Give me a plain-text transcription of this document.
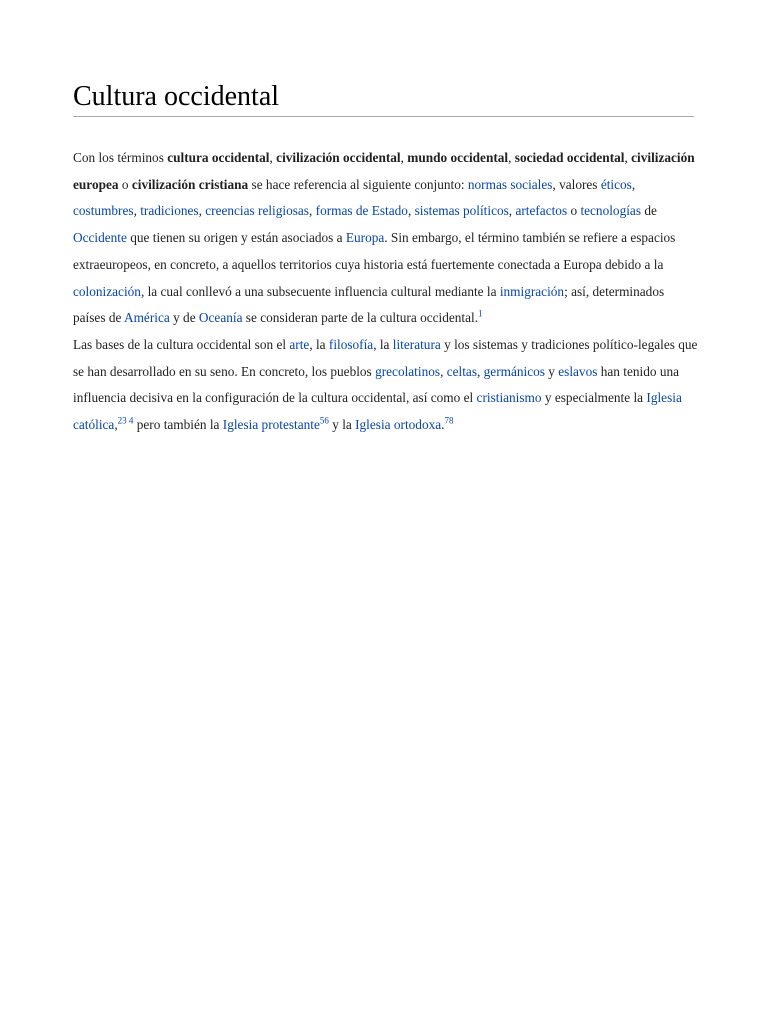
Cultura occidental

Con los términos cultura occidental, civilización occidental, mundo occidental, sociedad occidental, civilización europea o civilización cristiana se hace referencia al siguiente conjunto: normas sociales, valores éticos, costumbres, tradiciones, creencias religiosas, formas de Estado, sistemas políticos, artefactos o tecnologías de Occidente que tienen su origen y están asociados a Europa. Sin embargo, el término también se refiere a espacios extraeuropeos, en concreto, a aquellos territorios cuya historia está fuertemente conectada a Europa debido a la colonización, la cual conllevó a una subsecuente influencia cultural mediante la inmigración; así, determinados países de América y de Oceanía se consideran parte de la cultura occidental.$^1$

Las bases de la cultura occidental son el arte, la filosofía, la literatura y los sistemas y tradiciones político-legales que se han desarrollado en su seno. En concreto, los pueblos grecolatinos, celtas, germánicos y eslavos han tenido una influencia decisiva en la configuración de la cultura occidental, así como el cristianismo y especialmente la Iglesia católica,$^{23 4}$ pero también la Iglesia protestante$^{56}$ y la Iglesia ortodoxa.$^{78}$
